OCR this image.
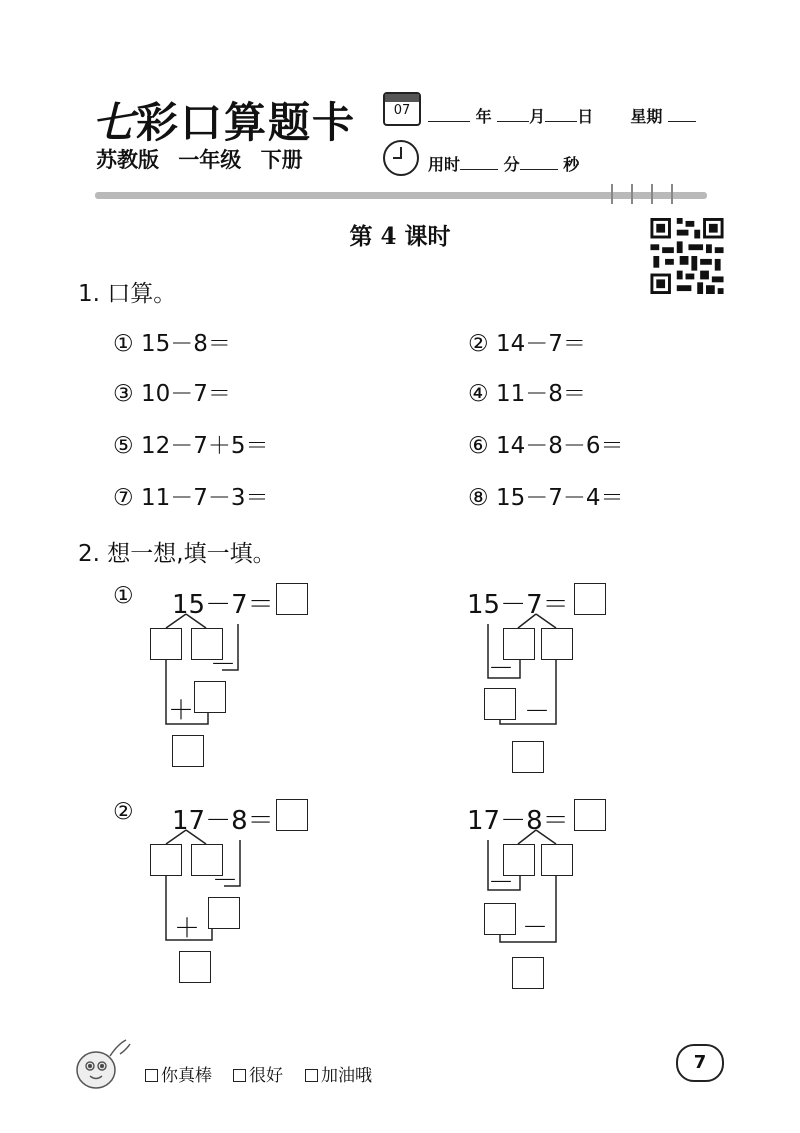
七彩口算题卡
苏教版 一年级 下册
07	年 月 日 星期
用时	分	秒
第 4 课时
1. 口算。
① 15－8＝	② 14－7＝
③ 10－7＝	④ 11－8＝
⑤ 12－7＋5＝	⑥ 14－8－6＝
⑦ 11－7－3＝	⑧ 15－7－4＝
2. 想一想,填一填。
① 15－7＝
－
＋
15－7＝
－
－
② 17－8＝
－
＋
17－8＝
－
－
你真棒	很好	加油哦
7
